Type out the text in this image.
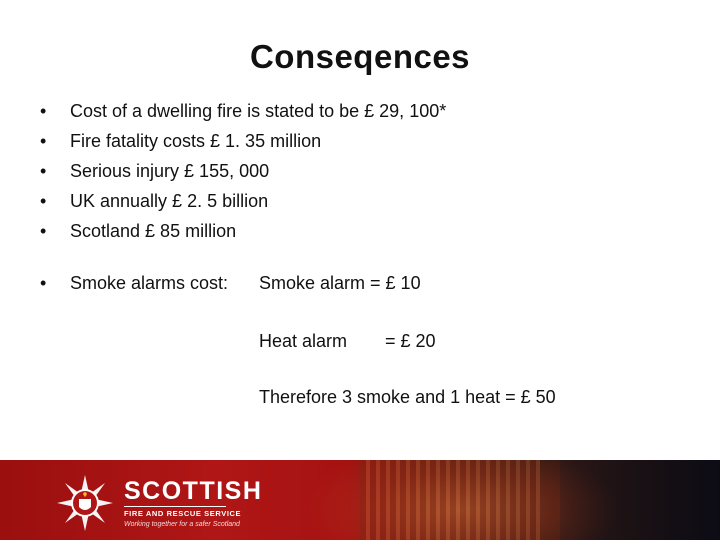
Conseqences
• Cost of a dwelling fire is stated to be £ 29, 100*
• Fire fatality costs £ 1. 35 million
• Serious injury £ 155, 000
• UK annually £ 2. 5 billion
• Scotland £ 85 million
• Smoke alarms cost: Smoke alarm = £ 10
Heat alarm = £ 20
Therefore 3 smoke and 1 heat = £ 50
SCOTTISH
FIRE AND RESCUE SERVICE
Working together for a safer Scotland
